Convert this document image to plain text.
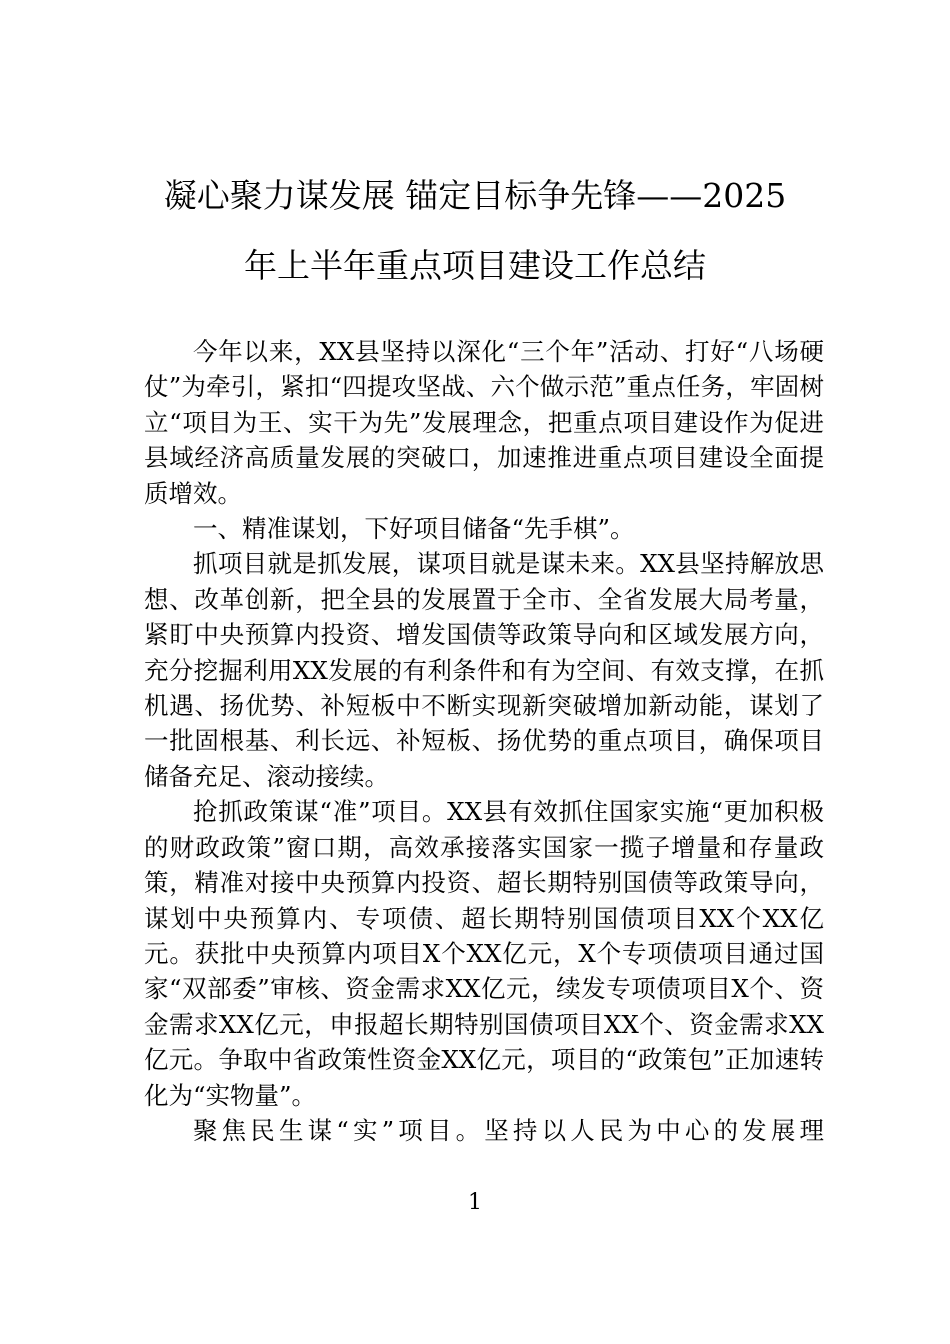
凝心聚力谋发展 锚定目标争先锋——2025
年上半年重点项目建设工作总结

今年以来，XX县坚持以深化“三个年”活动、打好“八场硬仗”为牵引，紧扣“四提攻坚战、六个做示范”重点任务，牢固树立“项目为王、实干为先”发展理念，把重点项目建设作为促进县域经济高质量发展的突破口，加速推进重点项目建设全面提质增效。

一、精准谋划，下好项目储备“先手棋”。

抓项目就是抓发展，谋项目就是谋未来。XX县坚持解放思想、改革创新，把全县的发展置于全市、全省发展大局考量，紧盯中央预算内投资、增发国债等政策导向和区域发展方向，充分挖掘利用XX发展的有利条件和有为空间、有效支撑，在抓机遇、扬优势、补短板中不断实现新突破增加新动能，谋划了一批固根基、利长远、补短板、扬优势的重点项目，确保项目储备充足、滚动接续。

抢抓政策谋“准”项目。XX县有效抓住国家实施“更加积极的财政政策”窗口期，高效承接落实国家一揽子增量和存量政策，精准对接中央预算内投资、超长期特别国债等政策导向，谋划中央预算内、专项债、超长期特别国债项目XX个XX亿元。获批中央预算内项目X个XX亿元，X个专项债项目通过国家“双部委”审核、资金需求XX亿元，续发专项债项目X个、资金需求XX亿元，申报超长期特别国债项目XX个、资金需求XX亿元。争取中省政策性资金XX亿元，项目的“政策包”正加速转化为“实物量”。

聚焦民生谋“实”项目。坚持以人民为中心的发展理

1
